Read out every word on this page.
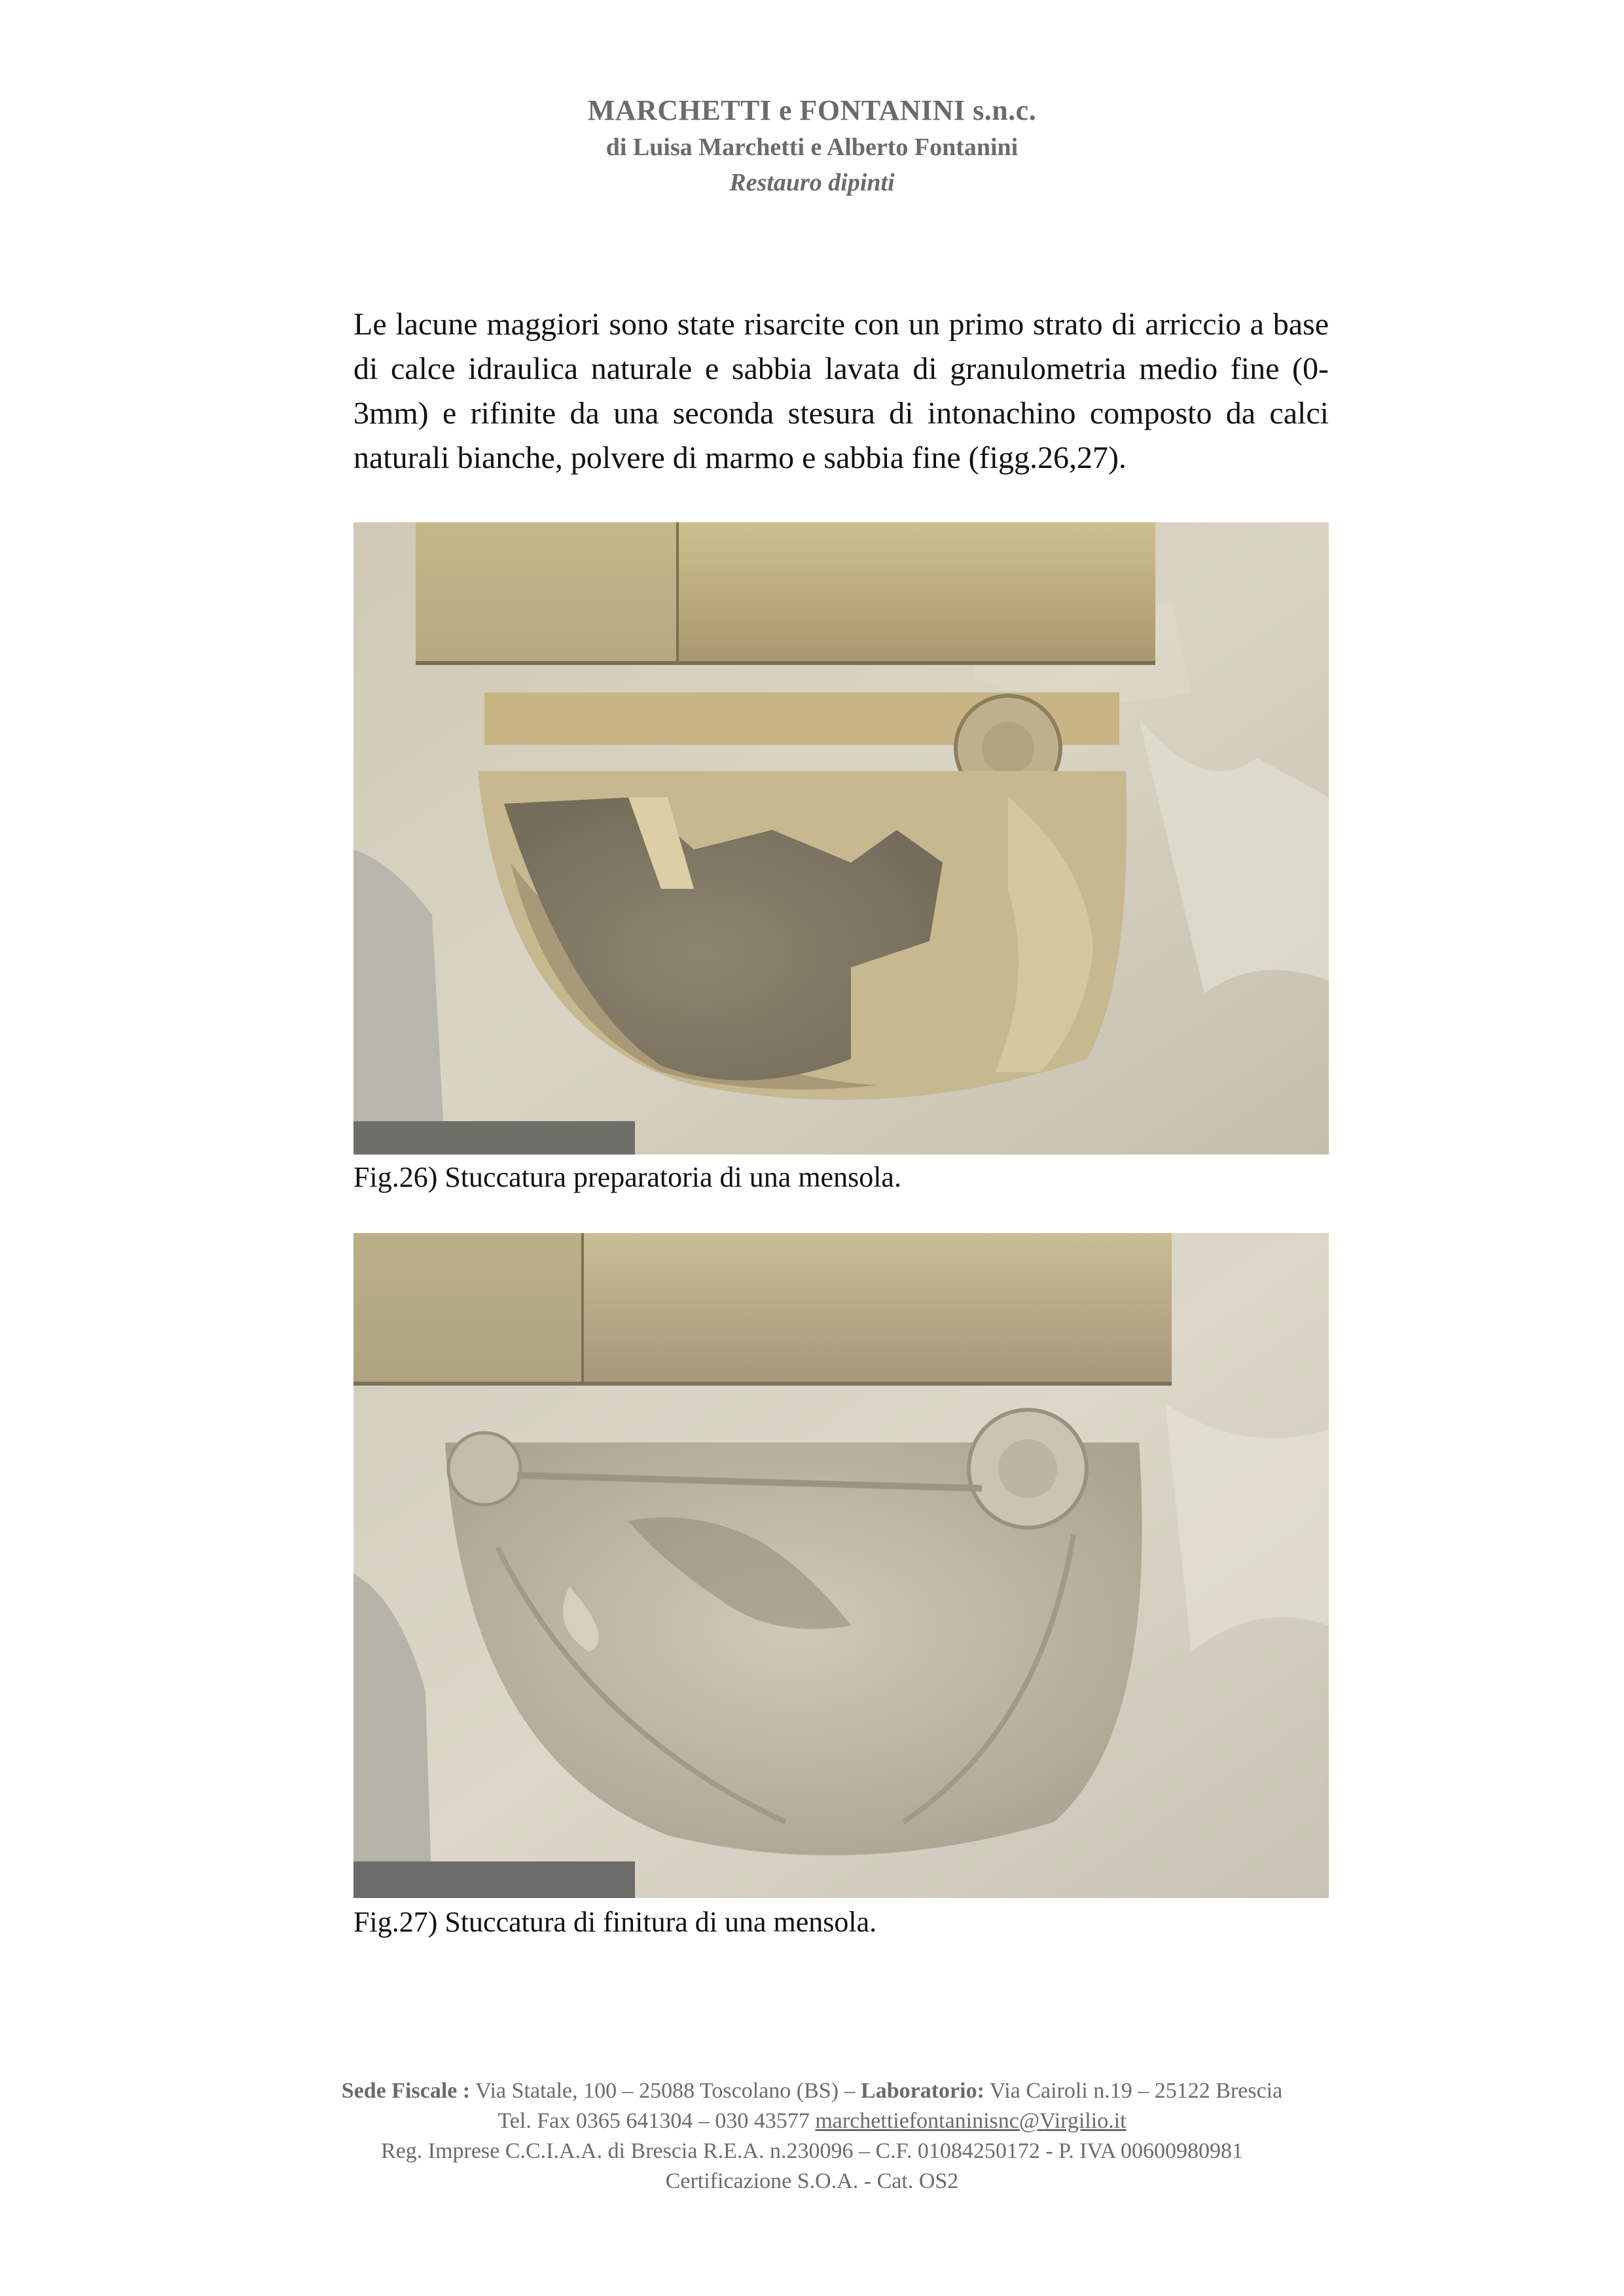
MARCHETTI e FONTANINI s.n.c.
di Luisa Marchetti e Alberto Fontanini
Restauro dipinti
Le lacune maggiori sono state risarcite con un primo strato di arriccio a base di calce idraulica naturale e sabbia lavata di granulometria medio fine (0-3mm) e rifinite da una seconda stesura di intonachino composto da calci naturali bianche, polvere di marmo e sabbia fine (figg.26,27).
Fig.26) Stuccatura preparatoria di una mensola.
Fig.27) Stuccatura di finitura di una mensola.
Sede Fiscale : Via Statale, 100 – 25088 Toscolano (BS) – Laboratorio: Via Cairoli n.19 – 25122 Brescia
Tel. Fax 0365 641304 – 030 43577 marchettiefontaninisnc@Virgilio.it
Reg. Imprese C.C.I.A.A. di Brescia R.E.A. n.230096 – C.F. 01084250172 - P. IVA 00600980981
Certificazione S.O.A. - Cat. OS2
